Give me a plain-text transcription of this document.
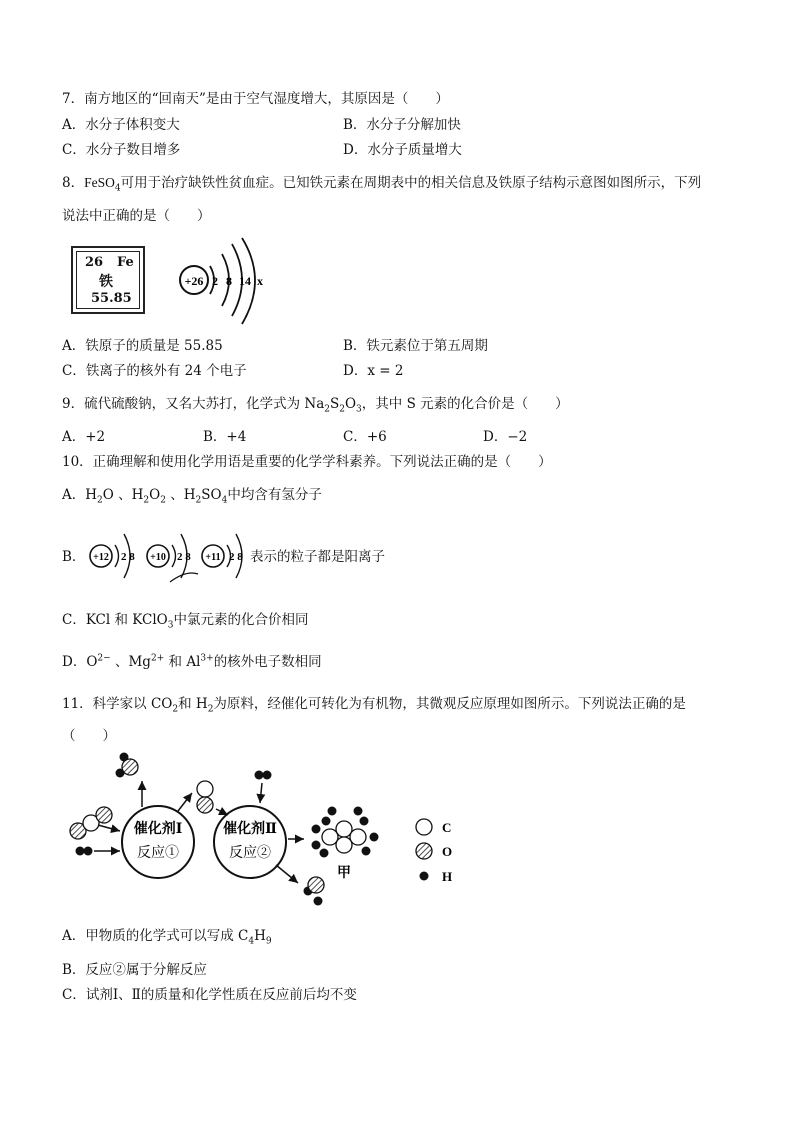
7．南方地区的“回南天”是由于空气湿度增大，其原因是（　　）
A．水分子体积变大	B．水分子分解加快
C．水分子数目增多	D．水分子质量增大
8．FeSO$_4$可用于治疗缺铁性贫血症。已知铁元素在周期表中的相关信息及铁原子结构示意图如图所示，下列
说法中正确的是（　　）
26 Fe
铁
55.85
+26 2 8 14 x
A．铁原子的质量是 55.85	B．铁元素位于第五周期
C．铁离子的核外有 24 个电子	D．x = 2
9．硫代硫酸钠，又名大苏打，化学式为 $Na_2S_2O_3$，其中 S 元素的化合价是（　　）
A．+2	B．+4	C．+6	D．−2
10．正确理解和使用化学用语是重要的化学学科素养。下列说法正确的是（　　）
A．$H_2O$ 、$H_2O_2$ 、$H_2SO_4$中均含有氢分子
B． +12 2 8 +10 2 8 +11 2 8 表示的粒子都是阳离子
C．KCl 和 KClO$_3$中氯元素的化合价相同
D．$O^{2-}$ 、$Mg^{2+}$ 和 $Al^{3+}$的核外电子数相同
11．科学家以 $CO_2$和 $H_2$为原料，经催化可转化为有机物，其微观反应原理如图所示。下列说法正确的是
（　　）
催化剂Ⅰ
反应①
催化剂Ⅱ
反应②
甲
C
O
H
A．甲物质的化学式可以写成 $C_4H_9$
B．反应②属于分解反应
C．试剂Ⅰ、Ⅱ的质量和化学性质在反应前后均不变
